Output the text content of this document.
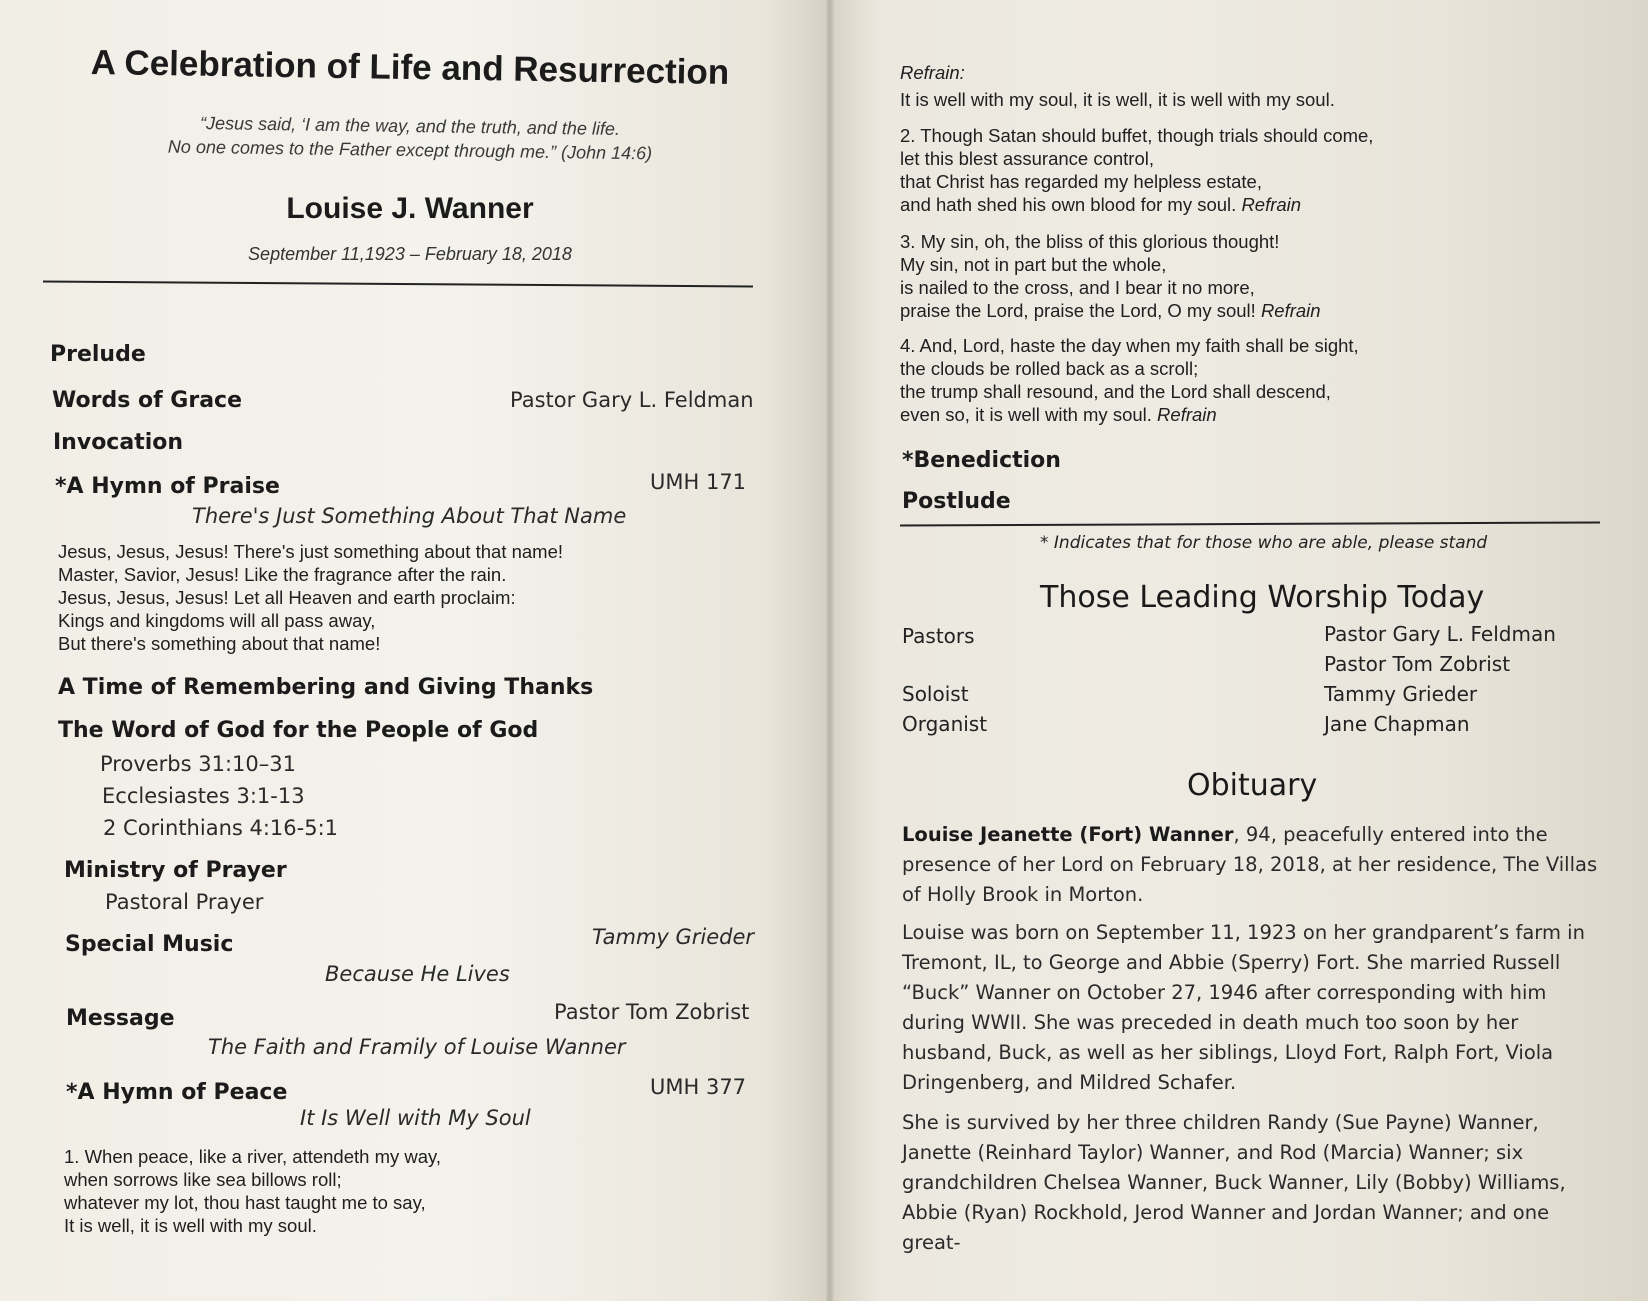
A Celebration of Life and Resurrection
“Jesus said, ‘I am the way, and the truth, and the life.
No one comes to the Father except through me.” (John 14:6)
Louise J. Wanner
September 11,1923 – February 18, 2018
Prelude
Words of Grace	Pastor Gary L. Feldman
Invocation
*A Hymn of Praise	UMH 171
There's Just Something About That Name
Jesus, Jesus, Jesus! There's just something about that name!
Master, Savior, Jesus! Like the fragrance after the rain.
Jesus, Jesus, Jesus! Let all Heaven and earth proclaim:
Kings and kingdoms will all pass away,
But there's something about that name!
A Time of Remembering and Giving Thanks
The Word of God for the People of God
Proverbs 31:10–31
Ecclesiastes 3:1-13
2 Corinthians 4:16-5:1
Ministry of Prayer
Pastoral Prayer
Special Music	Tammy Grieder
Because He Lives
Message	Pastor Tom Zobrist
The Faith and Framily of Louise Wanner
*A Hymn of Peace	UMH 377
It Is Well with My Soul
1. When peace, like a river, attendeth my way,
when sorrows like sea billows roll;
whatever my lot, thou hast taught me to say,
It is well, it is well with my soul.
Refrain:
It is well with my soul, it is well, it is well with my soul.
2. Though Satan should buffet, though trials should come,
let this blest assurance control,
that Christ has regarded my helpless estate,
and hath shed his own blood for my soul. Refrain
3. My sin, oh, the bliss of this glorious thought!
My sin, not in part but the whole,
is nailed to the cross, and I bear it no more,
praise the Lord, praise the Lord, O my soul! Refrain
4. And, Lord, haste the day when my faith shall be sight,
the clouds be rolled back as a scroll;
the trump shall resound, and the Lord shall descend,
even so, it is well with my soul. Refrain
*Benediction
Postlude
* Indicates that for those who are able, please stand
Those Leading Worship Today
Pastors	Pastor Gary L. Feldman
Pastor Tom Zobrist
Soloist	Tammy Grieder
Organist	Jane Chapman
Obituary
Louise Jeanette (Fort) Wanner, 94, peacefully entered into the presence of her Lord on February 18, 2018, at her residence, The Villas of Holly Brook in Morton.
Louise was born on September 11, 1923 on her grandparent’s farm in Tremont, IL, to George and Abbie (Sperry) Fort. She married Russell “Buck” Wanner on October 27, 1946 after corresponding with him during WWII. She was preceded in death much too soon by her husband, Buck, as well as her siblings, Lloyd Fort, Ralph Fort, Viola Dringenberg, and Mildred Schafer.
She is survived by her three children Randy (Sue Payne) Wanner, Janette (Reinhard Taylor) Wanner, and Rod (Marcia) Wanner; six grandchildren Chelsea Wanner, Buck Wanner, Lily (Bobby) Williams, Abbie (Ryan) Rockhold, Jerod Wanner and Jordan Wanner; and one great-
